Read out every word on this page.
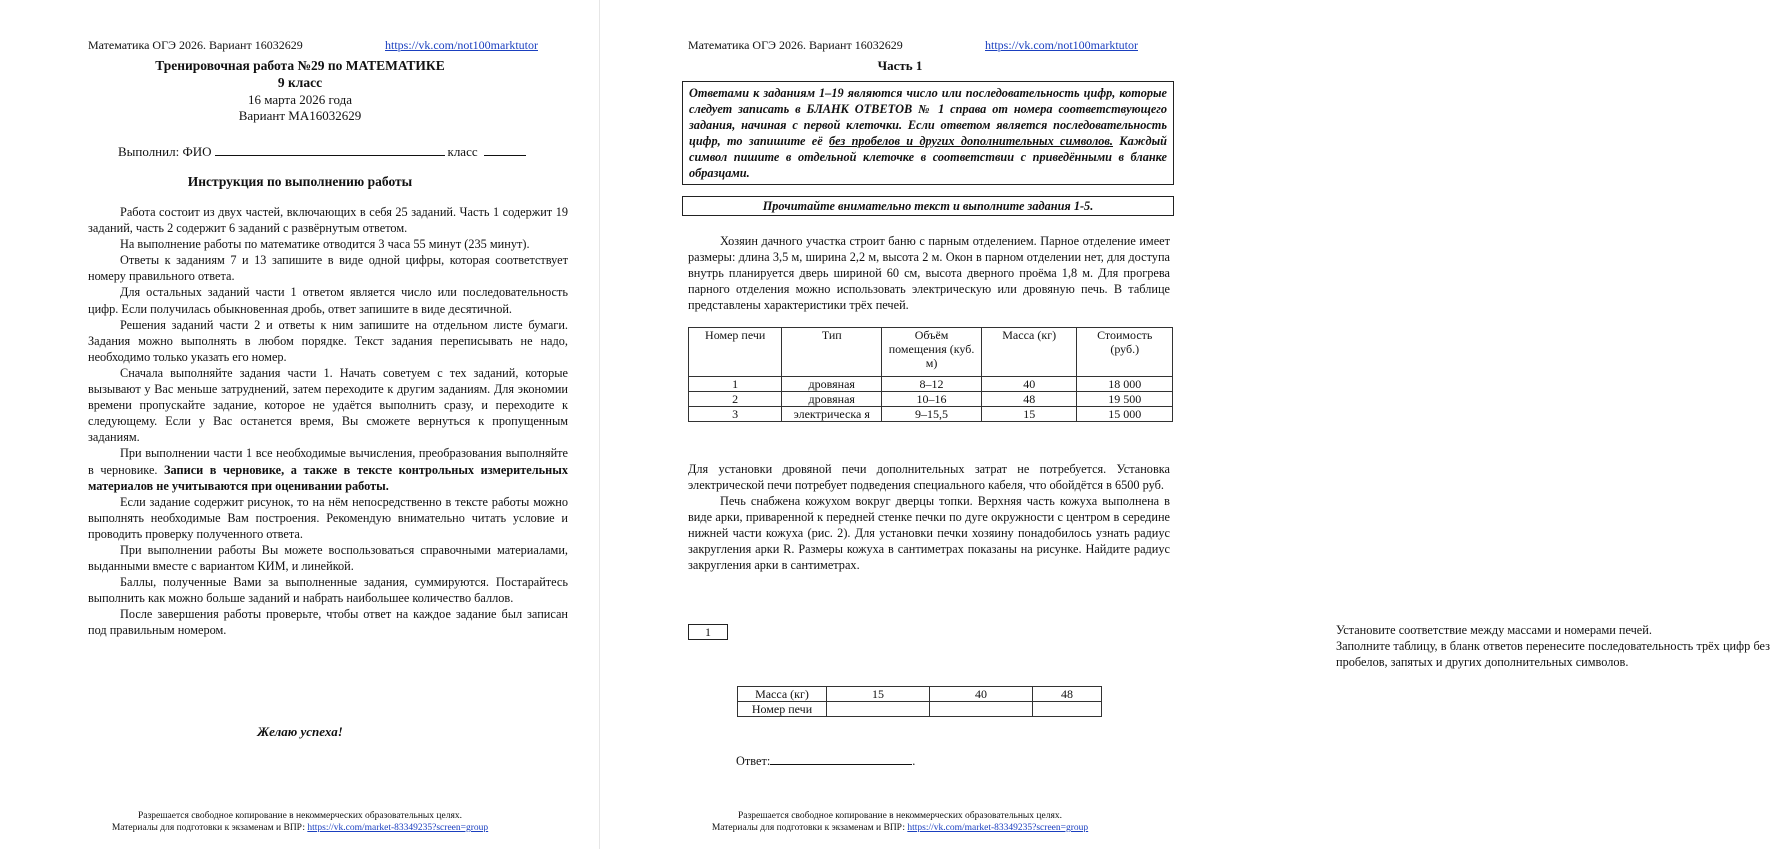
Математика ОГЭ 2026. Вариант 16032629	https://vk.com/not100marktutor
Тренировочная работа №29 по МАТЕМАТИКЕ
9 класс
16 марта 2026 года
Вариант МА16032629
Выполнил: ФИО	класс
Инструкция по выполнению работы

Работа состоит из двух частей, включающих в себя 25 заданий. Часть 1 содержит 19 заданий, часть 2 содержит 6 заданий с развёрнутым ответом.

На выполнение работы по математике отводится 3 часа 55 минут (235 минут).

Ответы к заданиям 7 и 13 запишите в виде одной цифры, которая соответствует номеру правильного ответа.

Для остальных заданий части 1 ответом является число или последовательность цифр. Если получилась обыкновенная дробь, ответ запишите в виде десятичной.

Решения заданий части 2 и ответы к ним запишите на отдельном листе бумаги. Задания можно выполнять в любом порядке. Текст задания переписывать не надо, необходимо только указать его номер.

Сначала выполняйте задания части 1. Начать советуем с тех заданий, которые вызывают у Вас меньше затруднений, затем переходите к другим заданиям. Для экономии времени пропускайте задание, которое не удаётся выполнить сразу, и переходите к следующему. Если у Вас останется время, Вы сможете вернуться к пропущенным заданиям.

При выполнении части 1 все необходимые вычисления, преобразования выполняйте в черновике. Записи в черновике, а также в тексте контрольных измерительных материалов не учитываются при оценивании работы.

Если задание содержит рисунок, то на нём непосредственно в тексте работы можно выполнять необходимые Вам построения. Рекомендую внимательно читать условие и проводить проверку полученного ответа.

При выполнении работы Вы можете воспользоваться справочными материалами, выданными вместе с вариантом КИМ, и линейкой.

Баллы, полученные Вами за выполненные задания, суммируются. Постарайтесь выполнить как можно больше заданий и набрать наибольшее количество баллов.

После завершения работы проверьте, чтобы ответ на каждое задание был записан под правильным номером.

Желаю успеха!
Разрешается свободное копирование в некоммерческих образовательных целях.
Материалы для подготовки к экзаменам и ВПР: https://vk.com/market-83349235?screen=group
Математика ОГЭ 2026. Вариант 16032629	https://vk.com/not100marktutor
Часть 1
Ответами к заданиям 1–19 являются число или последовательность цифр, которые следует записать в БЛАНК ОТВЕТОВ № 1 справа от номера соответствующего задания, начиная с первой клеточки. Если ответом является последовательность цифр, то запишите её без пробелов и других дополнительных символов. Каждый символ пишите в отдельной клеточке в соответствии с приведёнными в бланке образцами.
Прочитайте внимательно текст и выполните задания 1-5.

Хозяин дачного участка строит баню с парным отделением. Парное отделение имеет размеры: длина 3,5 м, ширина 2,2 м, высота 2 м. Окон в парном отделении нет, для доступа внутрь планируется дверь шириной 60 см, высота дверного проёма 1,8 м. Для прогрева парного отделения можно использовать электрическую или дровяную печь. В таблице представлены характеристики трёх печей.

Номер печи	Тип	Объём помещения (куб. м)	Масса (кг)	Стоимость (руб.)
1	дровяная	8–12	40	18 000
2	дровяная	10–16	48	19 500
3	электрическа я	9–15,5	15	15 000

Для установки дровяной печи дополнительных затрат не потребуется. Установка электрической печи потребует подведения специального кабеля, что обойдётся в 6500 руб.

Печь снабжена кожухом вокруг дверцы топки. Верхняя часть кожуха выполнена в виде арки, приваренной к передней стенке печки по дуге окружности с центром в середине нижней части кожуха (рис. 2). Для установки печки хозяину понадобилось узнать радиус закругления арки R. Размеры кожуха в сантиметрах показаны на рисунке. Найдите радиус закругления арки в сантиметрах.

1	Установите соответствие между массами и номерами печей.

Заполните таблицу, в бланк ответов перенесите последовательность трёх цифр без пробелов, запятых и других дополнительных символов.

Масса (кг)	15	40	48
Номер печи			
Ответ:	.
Разрешается свободное копирование в некоммерческих образовательных целях.
Материалы для подготовки к экзаменам и ВПР: https://vk.com/market-83349235?screen=group
